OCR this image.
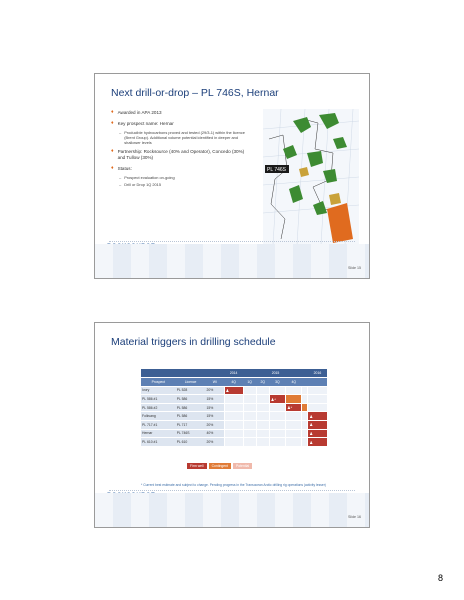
Next drill-or-drop – PL 746S, Hernar
♦ Awarded in APA 2013
♦ Key prospect name: Hernar
– Producible hydrocarbons proved and tested (29/3-1) within the licence (Brent Group). Additional volume potential identified in deeper and shallower levels
♦ Partnership: Rocksource (40% and Operator), Concedo (30%) and Tullow (30%)
♦ Status:
– Prospect evaluation on-going
– Drill or Drop 1Q 2015
PL 746S
Slide 15
Material triggers in drilling schedule
			2014	2015					2016
Prospect	Licence	WI	4Q	1Q	2Q	3Q	4Q		
Ivory	PL 528	20%	♟						
PL 586 #1	PL 586	15%				♟*			
PL 586 #2	PL 586	15%					♟*		
Folkvang	PL 586	15%							♟
PL 717 #1	PL 717	20%							♟
Hernar	PL 746S	40%							♟
PL 610 #1	PL 610	20%							♟
Firm well	Contingent	Potential
* Current best estimate and subject to change. Pending progress in the Transocean Arctic drilling rig operations (activity lesser)
Slide 16
8
